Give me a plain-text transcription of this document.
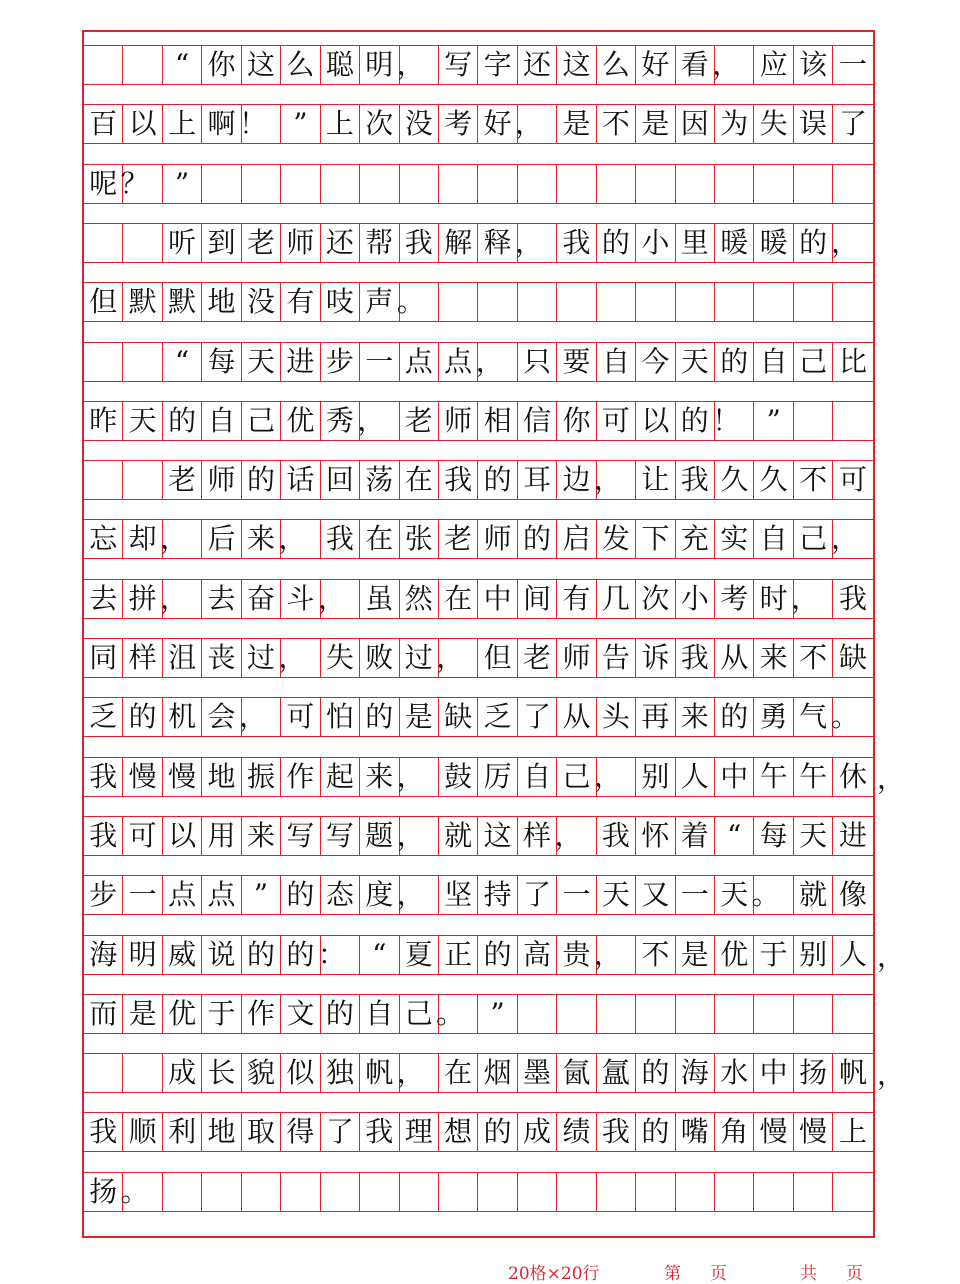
“ 你 这 么 聪 明 ， 写 字 还 这 么 好 看 ， 应 该 一
百 以 上 啊 ！ ” 上 次 没 考 好 ， 是 不 是 因 为 失 误 了
呢 ？ ”
听 到 老 师 还 帮 我 解 释 ， 我 的 小 里 暖 暖 的 ，
但 默 默 地 没 有 吱 声 。
“ 每 天 进 步 一 点 点 ， 只 要 自 今 天 的 自 己 比
昨 天 的 自 己 优 秀 ， 老 师 相 信 你 可 以 的 ！ ”
老 师 的 话 回 荡 在 我 的 耳 边 ， 让 我 久 久 不 可
忘 却 ， 后 来 ， 我 在 张 老 师 的 启 发 下 充 实 自 己 ，
去 拼 ， 去 奋 斗 ， 虽 然 在 中 间 有 几 次 小 考 时 ， 我
同 样 沮 丧 过 ， 失 败 过 ， 但 老 师 告 诉 我 从 来 不 缺
乏 的 机 会 ， 可 怕 的 是 缺 乏 了 从 头 再 来 的 勇 气 。
我 慢 慢 地 振 作 起 来 ， 鼓 厉 自 己 ， 别 人 中 午 午 休
我 可 以 用 来 写 写 题 ， 就 这 样 ， 我 怀 着 “ 每 天 进
步 一 点 点 ” 的 态 度 ， 坚 持 了 一 天 又 一 天 。 就 像
海 明 威 说 的 的 ： “ 夏 正 的 高 贵 ， 不 是 优 于 别 人
而 是 优 于 作 文 的 自 己 。 ”
成 长 貌 似 独 帆 ， 在 烟 墨 氤 氲 的 海 水 中 扬 帆
我 顺 利 地 取 得 了 我 理 想 的 成 绩 我 的 嘴 角 慢 慢 上
扬 。
，
，
，
20格×20行	第 页	共 页
